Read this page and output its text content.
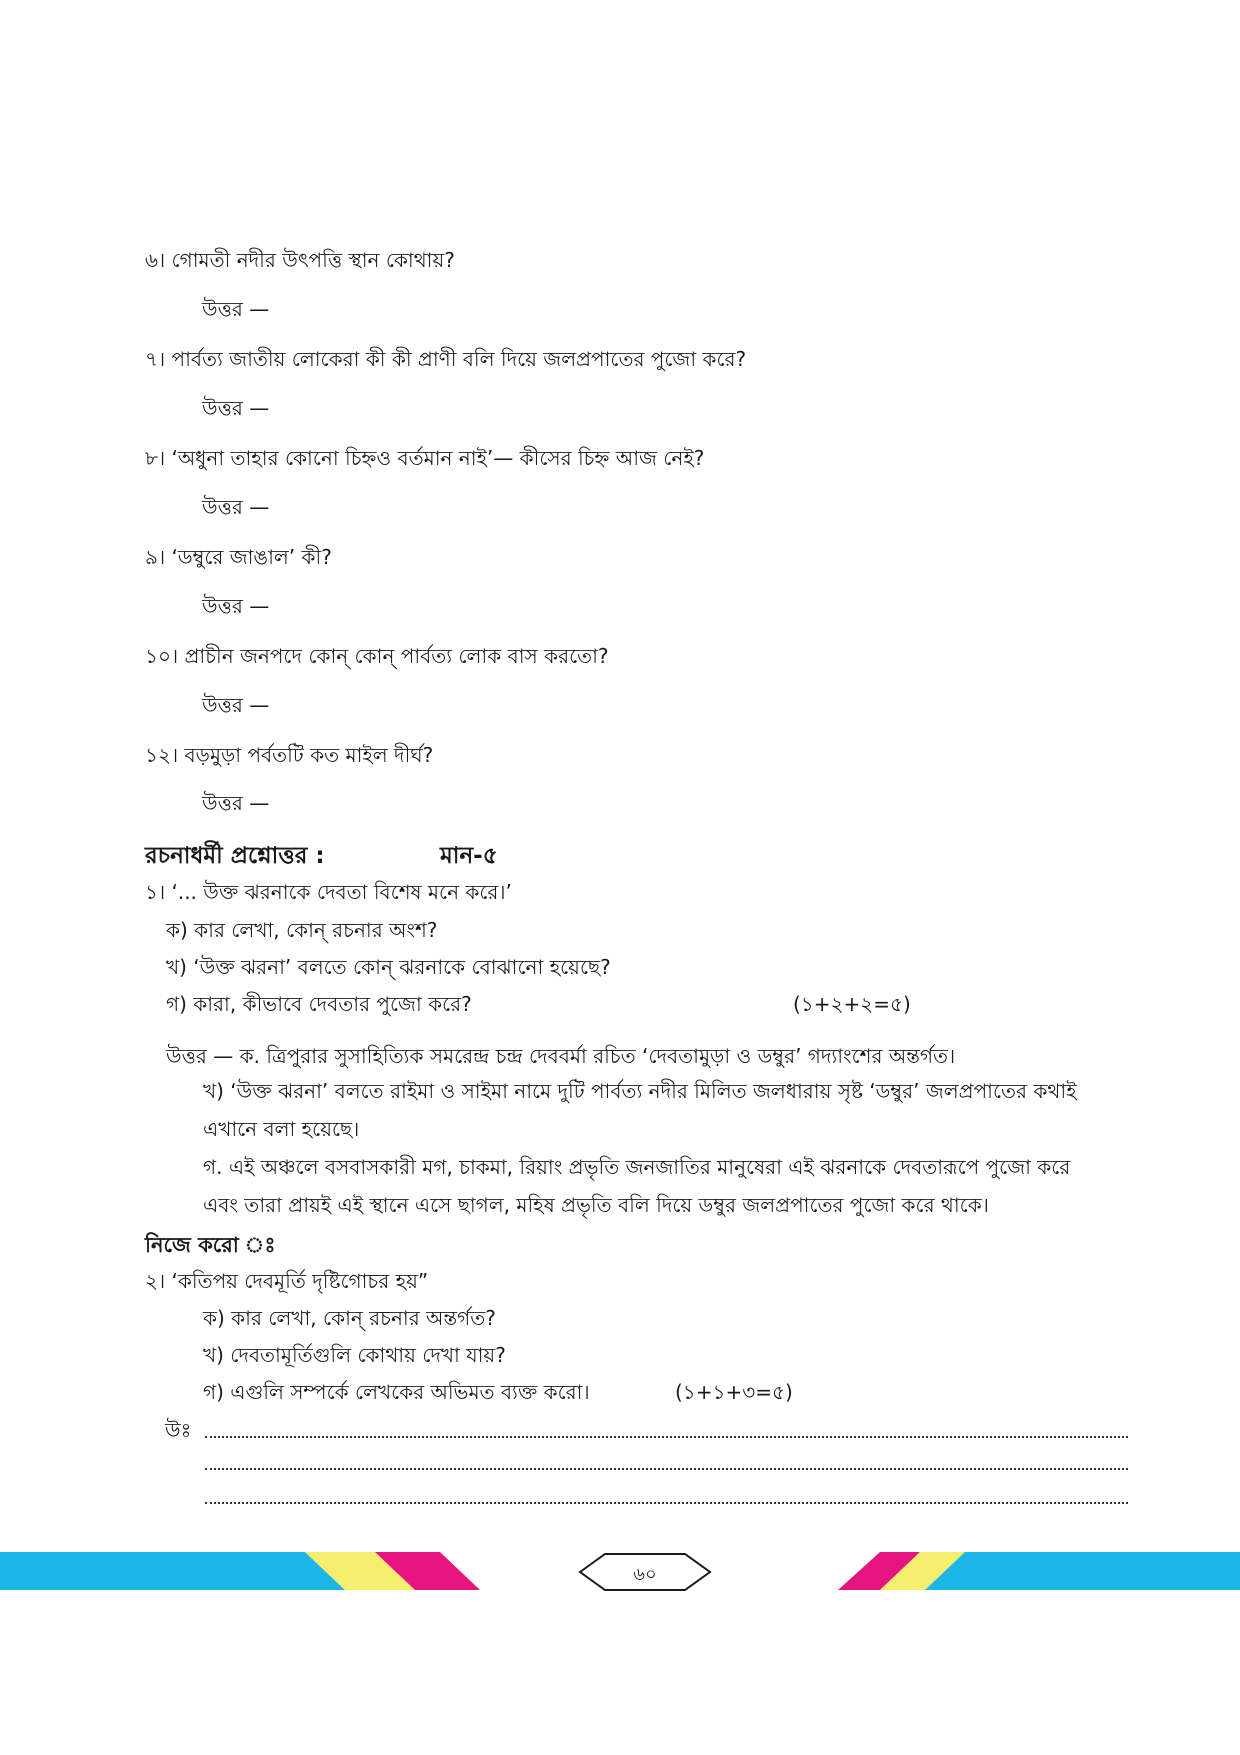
৬। গোমতী নদীর উৎপত্তি স্থান কোথায়?
উত্তর —
৭। পার্বত্য জাতীয় লোকেরা কী কী প্রাণী বলি দিয়ে জলপ্রপাতের পুজো করে?
উত্তর —
৮। ‘অধুনা তাহার কোনো চিহ্নও বর্তমান নাই’— কীসের চিহ্ন আজ নেই?
উত্তর —
৯। ‘ডম্বুরে জাঙাল’ কী?
উত্তর —
১০। প্রাচীন জনপদে কোন্ কোন্ পার্বত্য লোক বাস করতো?
উত্তর —
১২। বড়মুড়া পর্বতটি কত মাইল দীর্ঘ?
উত্তর —
রচনাধর্মী প্রশ্নোত্তর :	মান-৫
১। ‘... উক্ত ঝরনাকে দেবতা বিশেষ মনে করে।’
ক) কার লেখা, কোন্ রচনার অংশ?
খ) ‘উক্ত ঝরনা’ বলতে কোন্ ঝরনাকে বোঝানো হয়েছে?
গ) কারা, কীভাবে দেবতার পুজো করে?	(১+২+২=৫)
উত্তর — ক. ত্রিপুরার সুসাহিত্যিক সমরেন্দ্র চন্দ্র দেববর্মা রচিত ‘দেবতামুড়া ও ডম্বুর’ গদ্যাংশের অন্তর্গত।
খ) ‘উক্ত ঝরনা’ বলতে রাইমা ও সাইমা নামে দুটি পার্বত্য নদীর মিলিত জলধারায় সৃষ্ট ‘ডম্বুর’ জলপ্রপাতের কথাই
এখানে বলা হয়েছে।
গ. এই অঞ্চলে বসবাসকারী মগ, চাকমা, রিয়াং প্রভৃতি জনজাতির মানুষেরা এই ঝরনাকে দেবতারূপে পুজো করে
এবং তারা প্রায়ই এই স্থানে এসে ছাগল, মহিষ প্রভৃতি বলি দিয়ে ডম্বুর জলপ্রপাতের পুজো করে থাকে।
নিজে করো ঃ
২। ‘কতিপয় দেবমূর্তি দৃষ্টিগোচর হয়”
ক) কার লেখা, কোন্ রচনার অন্তর্গত?
খ) দেবতামূর্তিগুলি কোথায় দেখা যায়?
গ) এগুলি সম্পর্কে লেখকের অভিমত ব্যক্ত করো।	(১+১+৩=৫)
উঃ
৬০
